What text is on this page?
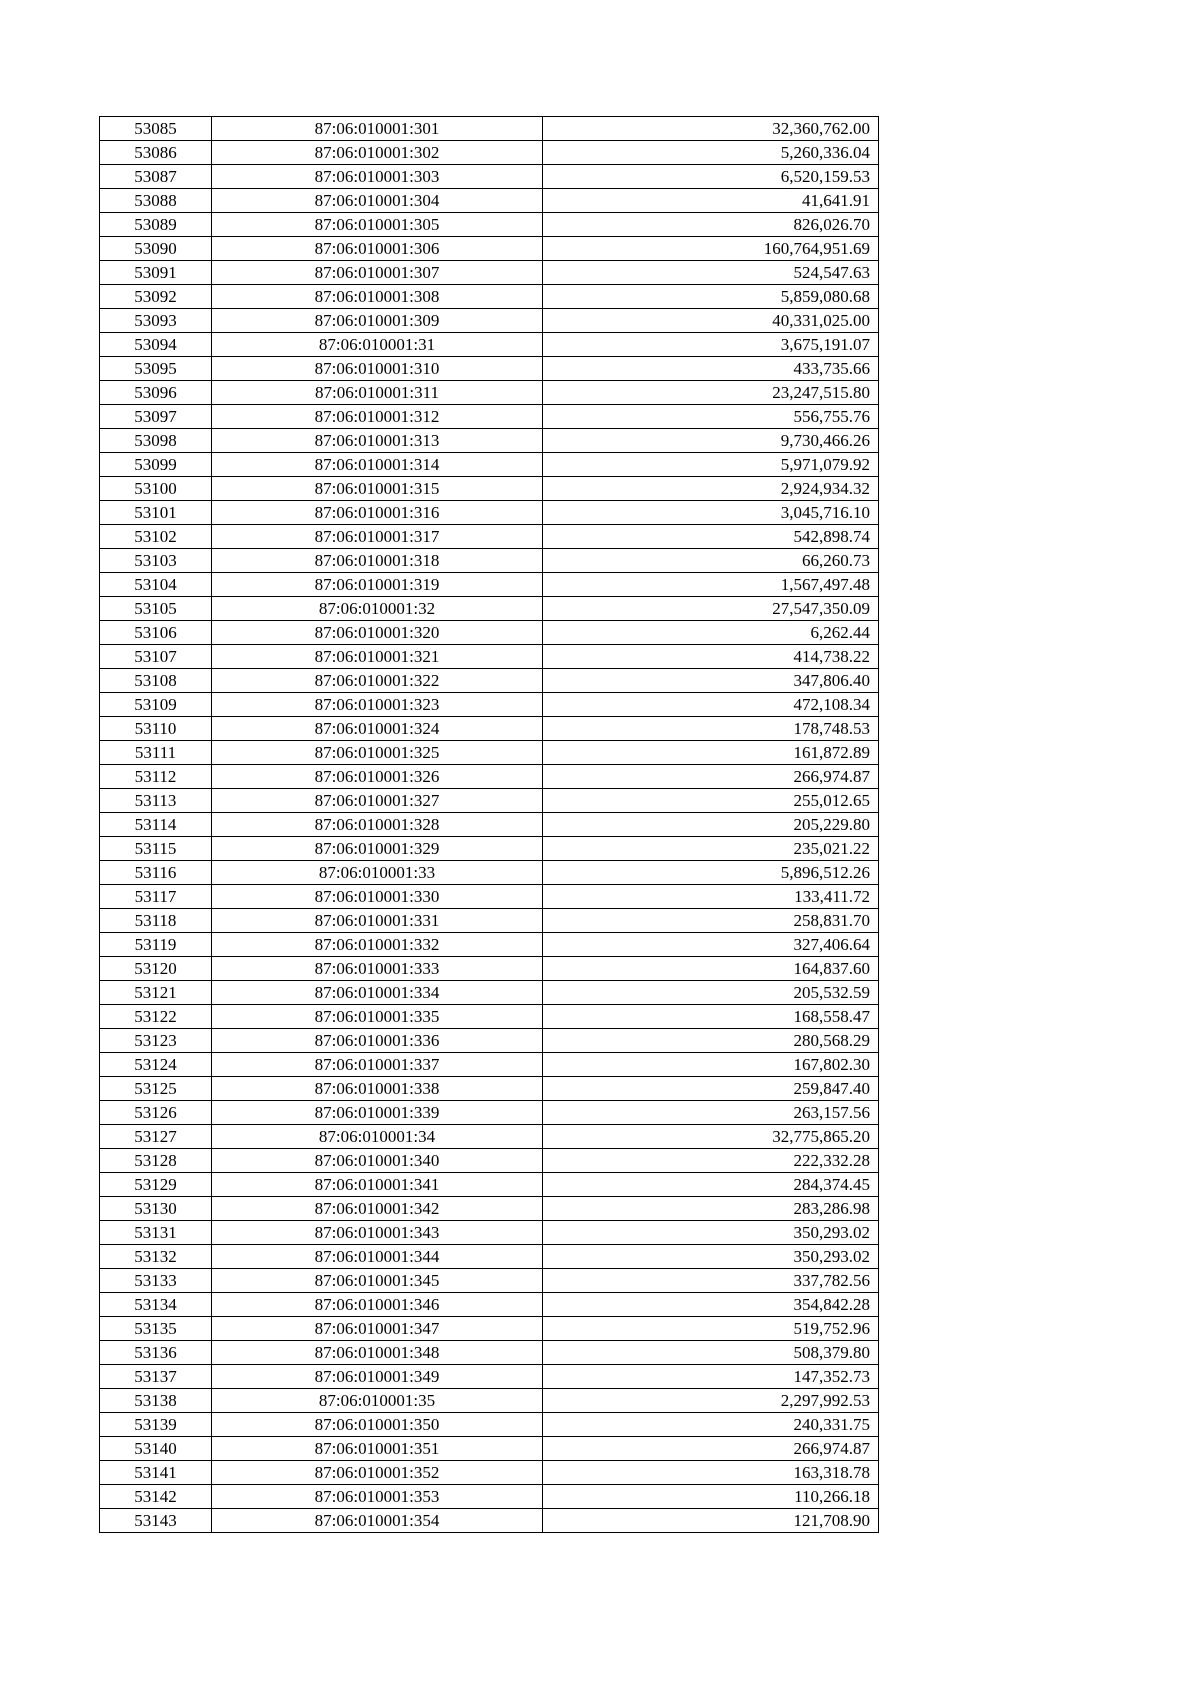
53085	87:06:010001:301	32,360,762.00
53086	87:06:010001:302	5,260,336.04
53087	87:06:010001:303	6,520,159.53
53088	87:06:010001:304	41,641.91
53089	87:06:010001:305	826,026.70
53090	87:06:010001:306	160,764,951.69
53091	87:06:010001:307	524,547.63
53092	87:06:010001:308	5,859,080.68
53093	87:06:010001:309	40,331,025.00
53094	87:06:010001:31	3,675,191.07
53095	87:06:010001:310	433,735.66
53096	87:06:010001:311	23,247,515.80
53097	87:06:010001:312	556,755.76
53098	87:06:010001:313	9,730,466.26
53099	87:06:010001:314	5,971,079.92
53100	87:06:010001:315	2,924,934.32
53101	87:06:010001:316	3,045,716.10
53102	87:06:010001:317	542,898.74
53103	87:06:010001:318	66,260.73
53104	87:06:010001:319	1,567,497.48
53105	87:06:010001:32	27,547,350.09
53106	87:06:010001:320	6,262.44
53107	87:06:010001:321	414,738.22
53108	87:06:010001:322	347,806.40
53109	87:06:010001:323	472,108.34
53110	87:06:010001:324	178,748.53
53111	87:06:010001:325	161,872.89
53112	87:06:010001:326	266,974.87
53113	87:06:010001:327	255,012.65
53114	87:06:010001:328	205,229.80
53115	87:06:010001:329	235,021.22
53116	87:06:010001:33	5,896,512.26
53117	87:06:010001:330	133,411.72
53118	87:06:010001:331	258,831.70
53119	87:06:010001:332	327,406.64
53120	87:06:010001:333	164,837.60
53121	87:06:010001:334	205,532.59
53122	87:06:010001:335	168,558.47
53123	87:06:010001:336	280,568.29
53124	87:06:010001:337	167,802.30
53125	87:06:010001:338	259,847.40
53126	87:06:010001:339	263,157.56
53127	87:06:010001:34	32,775,865.20
53128	87:06:010001:340	222,332.28
53129	87:06:010001:341	284,374.45
53130	87:06:010001:342	283,286.98
53131	87:06:010001:343	350,293.02
53132	87:06:010001:344	350,293.02
53133	87:06:010001:345	337,782.56
53134	87:06:010001:346	354,842.28
53135	87:06:010001:347	519,752.96
53136	87:06:010001:348	508,379.80
53137	87:06:010001:349	147,352.73
53138	87:06:010001:35	2,297,992.53
53139	87:06:010001:350	240,331.75
53140	87:06:010001:351	266,974.87
53141	87:06:010001:352	163,318.78
53142	87:06:010001:353	110,266.18
53143	87:06:010001:354	121,708.90
